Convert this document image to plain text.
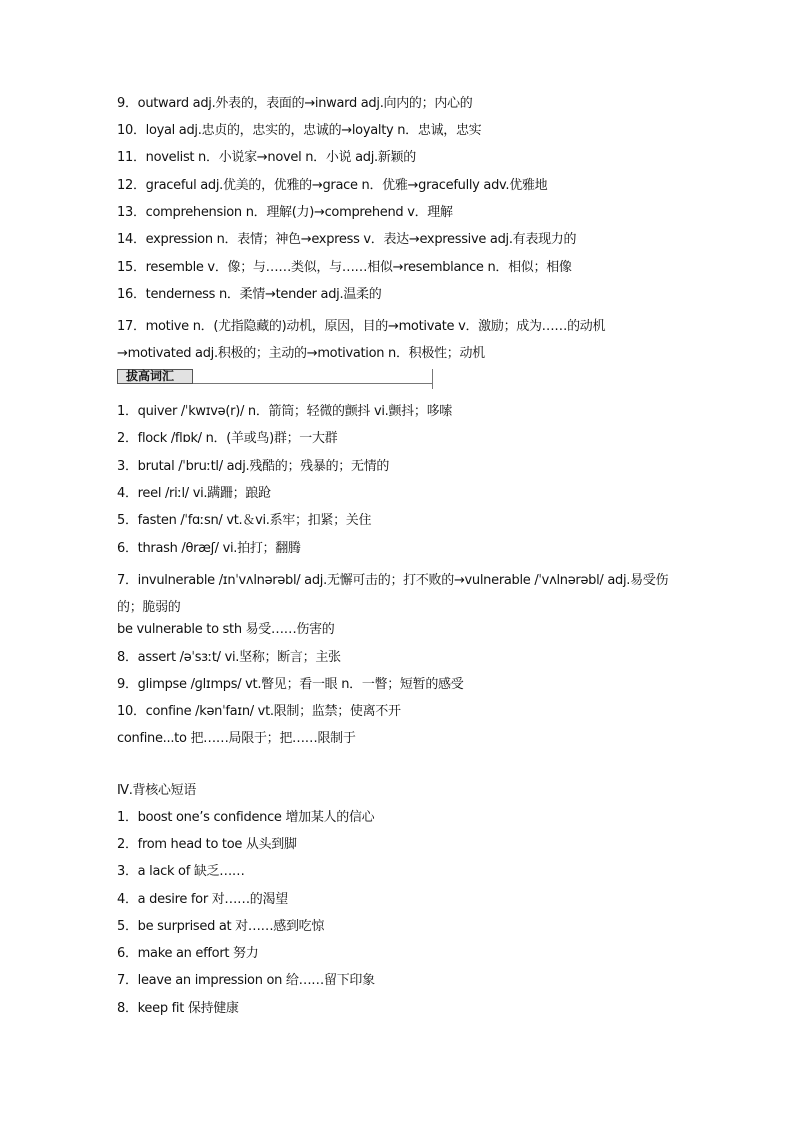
9．outward adj.外表的，表面的→inward adj.向内的；内心的
10．loyal adj.忠贞的，忠实的，忠诚的→loyalty n．忠诚，忠实
11．novelist n．小说家→novel n．小说 adj.新颖的
12．graceful adj.优美的，优雅的→grace n．优雅→gracefully adv.优雅地
13．comprehension n．理解(力)→comprehend v．理解
14．expression n．表情；神色→express v．表达→expressive adj.有表现力的
15．resemble v．像；与……类似，与……相似→resemblance n．相似；相像
16．tenderness n．柔情→tender adj.温柔的
17．motive n．(尤指隐藏的)动机，原因，目的→motivate v．激励；成为……的动机→motivated adj.积极的；主动的→motivation n．积极性；动机
拔高词汇
1．quiver /ˈkwɪvə(r)/ n．箭筒；轻微的颤抖 vi.颤抖；哆嗦
2．flock /flɒk/ n．(羊或鸟)群；一大群
3．brutal /ˈbruːtl/ adj.残酷的；残暴的；无情的
4．reel /riːl/ vi.蹒跚；踉跄
5．fasten /ˈfɑːsn/ vt.＆vi.系牢；扣紧；关住
6．thrash /θræʃ/ vi.拍打；翻腾
7．invulnerable /ɪnˈvʌlnərəbl/ adj.无懈可击的；打不败的→vulnerable /ˈvʌlnərəbl/ adj.易受伤的；脆弱的
be vulnerable to sth 易受……伤害的
8．assert /əˈsɜːt/ vi.坚称；断言；主张
9．glimpse /ɡlɪmps/ vt.瞥见；看一眼 n．一瞥；短暂的感受
10．confine /kənˈfaɪn/ vt.限制；监禁；使离不开
confine...to 把……局限于；把……限制于
Ⅳ.背核心短语
1．boost one’s confidence 增加某人的信心
2．from head to toe 从头到脚
3．a lack of 缺乏……
4．a desire for 对……的渴望
5．be surprised at 对……感到吃惊
6．make an effort 努力
7．leave an impression on 给……留下印象
8．keep fit 保持健康
